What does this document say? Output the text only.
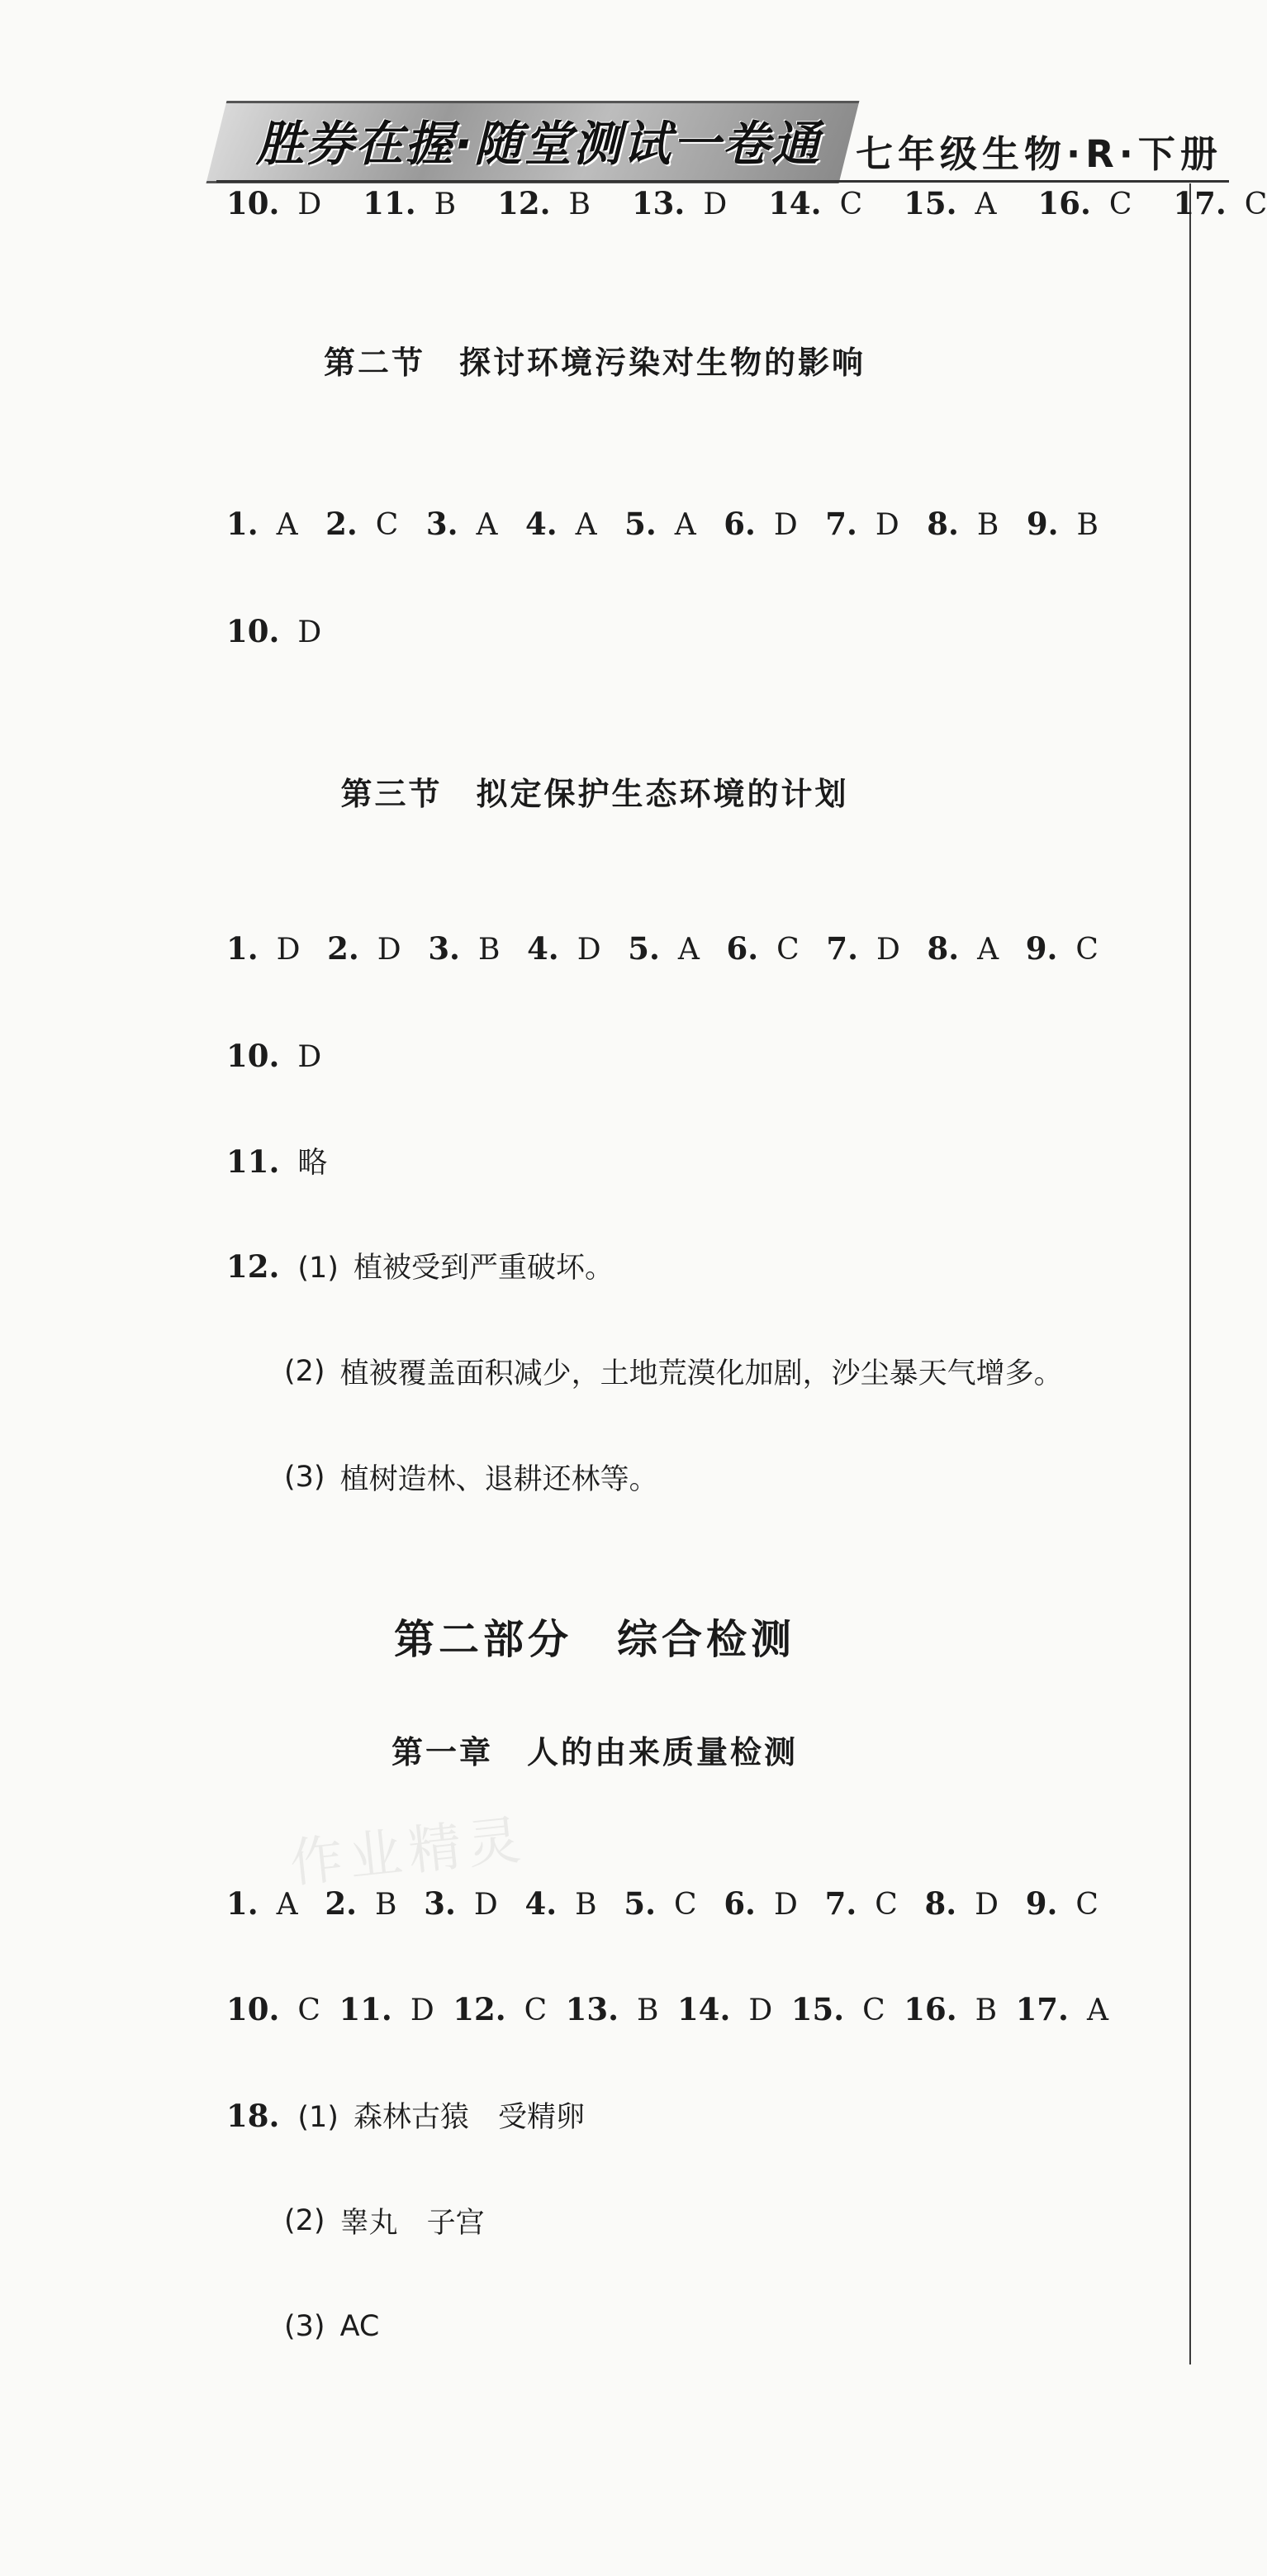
胜券在握·随堂测试一卷通 七年级生物·R·下册
10. D 11. B 12. B 13. D 14. C 15. A 16. C 17. C
第二节　探讨环境污染对生物的影响
1. A 2. C 3. A 4. A 5. A 6. D 7. D 8. B 9. B
10. D
第三节　拟定保护生态环境的计划
1. D 2. D 3. B 4. D 5. A 6. C 7. D 8. A 9. C
10. D
11. 略
12. (1) 植被受到严重破坏。
(2) 植被覆盖面积减少，土地荒漠化加剧，沙尘暴天气增多。
(3) 植树造林、退耕还林等。
第二部分　综合检测
第一章　人的由来质量检测
作业精灵
1. A 2. B 3. D 4. B 5. C 6. D 7. C 8. D 9. C
10. C 11. D 12. C 13. B 14. D 15. C 16. B 17. A
18. (1) 森林古猿　受精卵
(2) 睾丸　子宫
(3) AC
